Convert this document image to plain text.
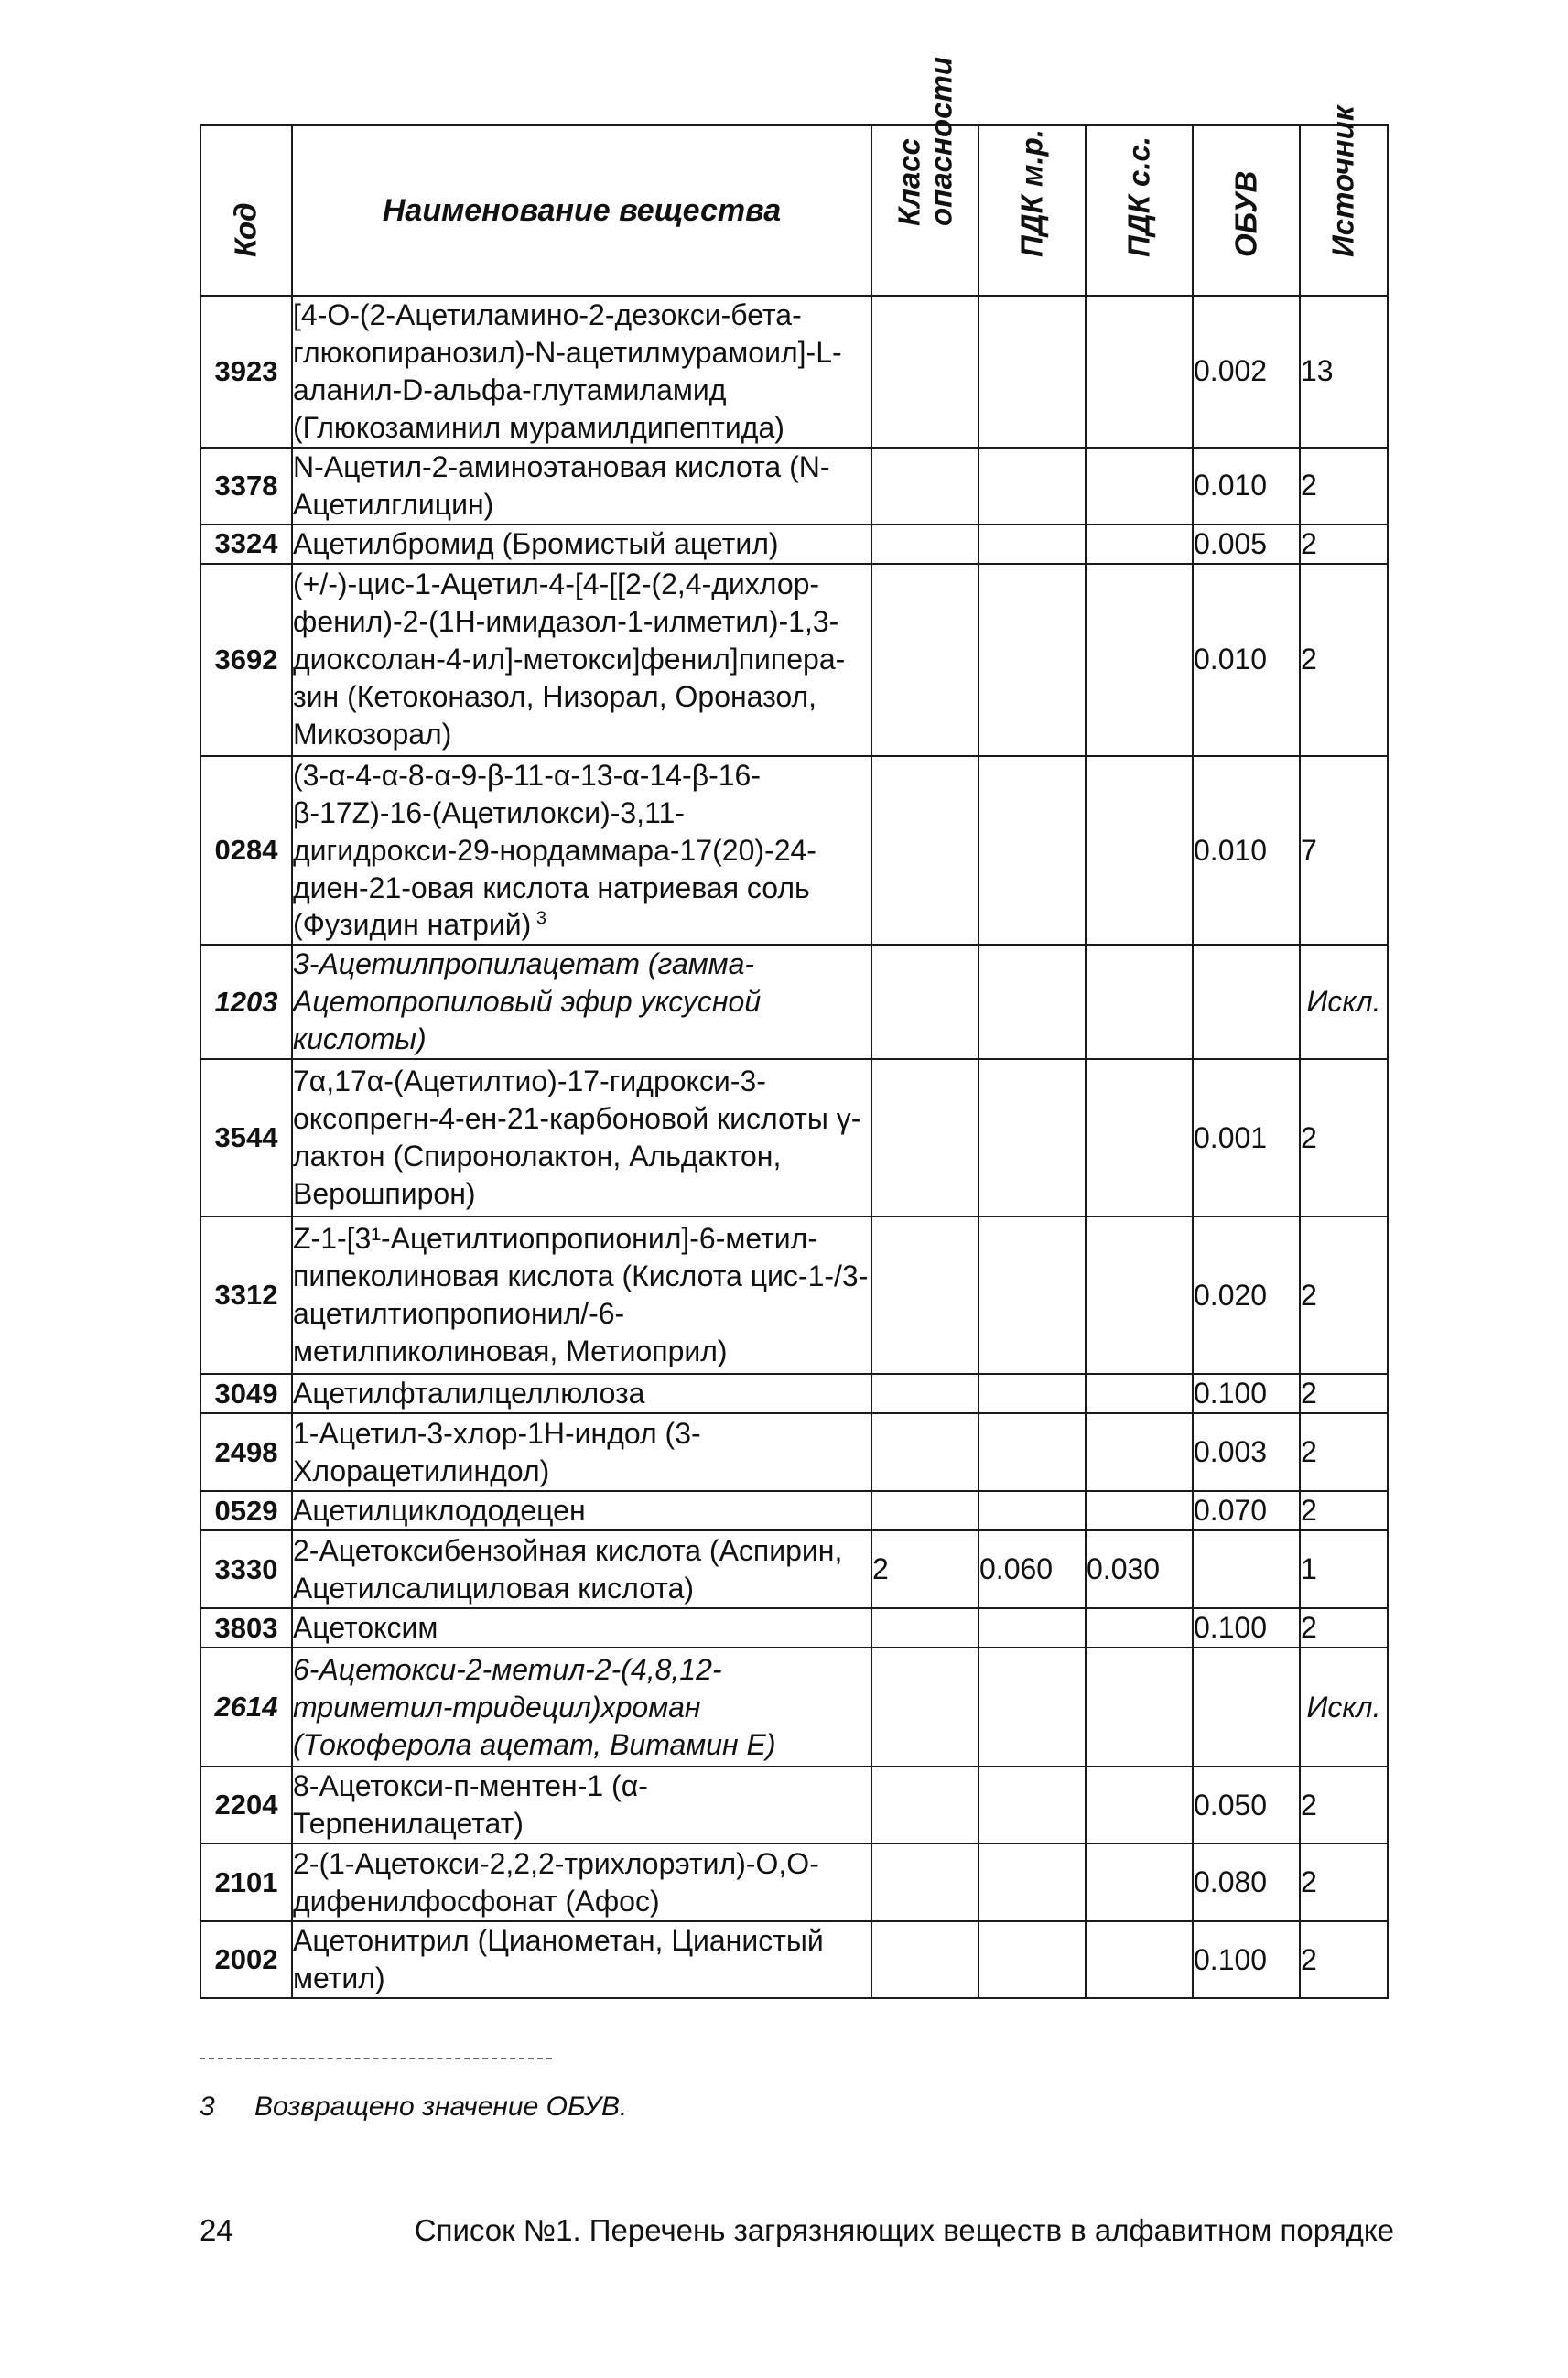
Код	Наименование вещества	Класс опасности	ПДК м.р.	ПДК с.с.	ОБУВ	Источник

3923	[4-О-(2-Ацетиламино-2-дезокси-бета-глюкопиранозил)-N-ацетилмурамоил]-L-аланил-D-альфа-глутамиламид (Глюкозаминил мурамилдипептида)				0.002	13
3378	N-Ацетил-2-аминоэтановая кислота (N-Ацетилглицин)				0.010	2
3324	Ацетилбромид (Бромистый ацетил)				0.005	2
3692	(+/-)-цис-1-Ацетил-4-[4-[[2-(2,4-дихлор-фенил)-2-(1Н-имидазол-1-илметил)-1,3-диоксолан-4-ил]-метокси]фенил]пипера-зин (Кетоконазол, Низорал, Ороназол, Микозорал)				0.010	2
0284	(3-α-4-α-8-α-9-β-11-α-13-α-14-β-16-β-17Z)-16-(Ацетилокси)-3,11-дигидрокси-29-нордаммара-17(20)-24-диен-21-овая кислота натриевая соль (Фузидин натрий) $^3$				0.010	7
1203	3-Ацетилпропилацетат (гамма-Ацетопропиловый эфир уксусной кислоты)					Искл.
3544	7α,17α-(Ацетилтио)-17-гидрокси-3-оксопрегн-4-ен-21-карбоновой кислоты γ-лактон (Спиронолактон, Альдактон, Верошпирон)				0.001	2
3312	Z-1-[3¹-Ацетилтиопропионил]-6-метил-пипеколиновая кислота (Кислота цис-1-/3-ацетилтиопропионил/-6-метилпиколиновая, Метиоприл)				0.020	2
3049	Ацетилфталилцеллюлоза				0.100	2
2498	1-Ацетил-3-хлор-1Н-индол (3-Хлорацетилиндол)				0.003	2
0529	Ацетилциклододецен				0.070	2
3330	2-Ацетоксибензойная кислота (Аспирин, Ацетилсалициловая кислота)	2	0.060	0.030		1
3803	Ацетоксим				0.100	2
2614	6-Ацетокси-2-метил-2-(4,8,12-триметил-тридецил)хроман (Токоферола ацетат, Витамин Е)					Искл.
2204	8-Ацетокси-п-ментен-1 (α-Терпенилацетат)				0.050	2
2101	2-(1-Ацетокси-2,2,2-трихлорэтил)-О,О-дифенилфосфонат (Афос)				0.080	2
2002	Ацетонитрил (Цианометан, Цианистый метил)				0.100	2
3 Возвращено значение ОБУВ.
24	Список №1. Перечень загрязняющих веществ в алфавитном порядке
